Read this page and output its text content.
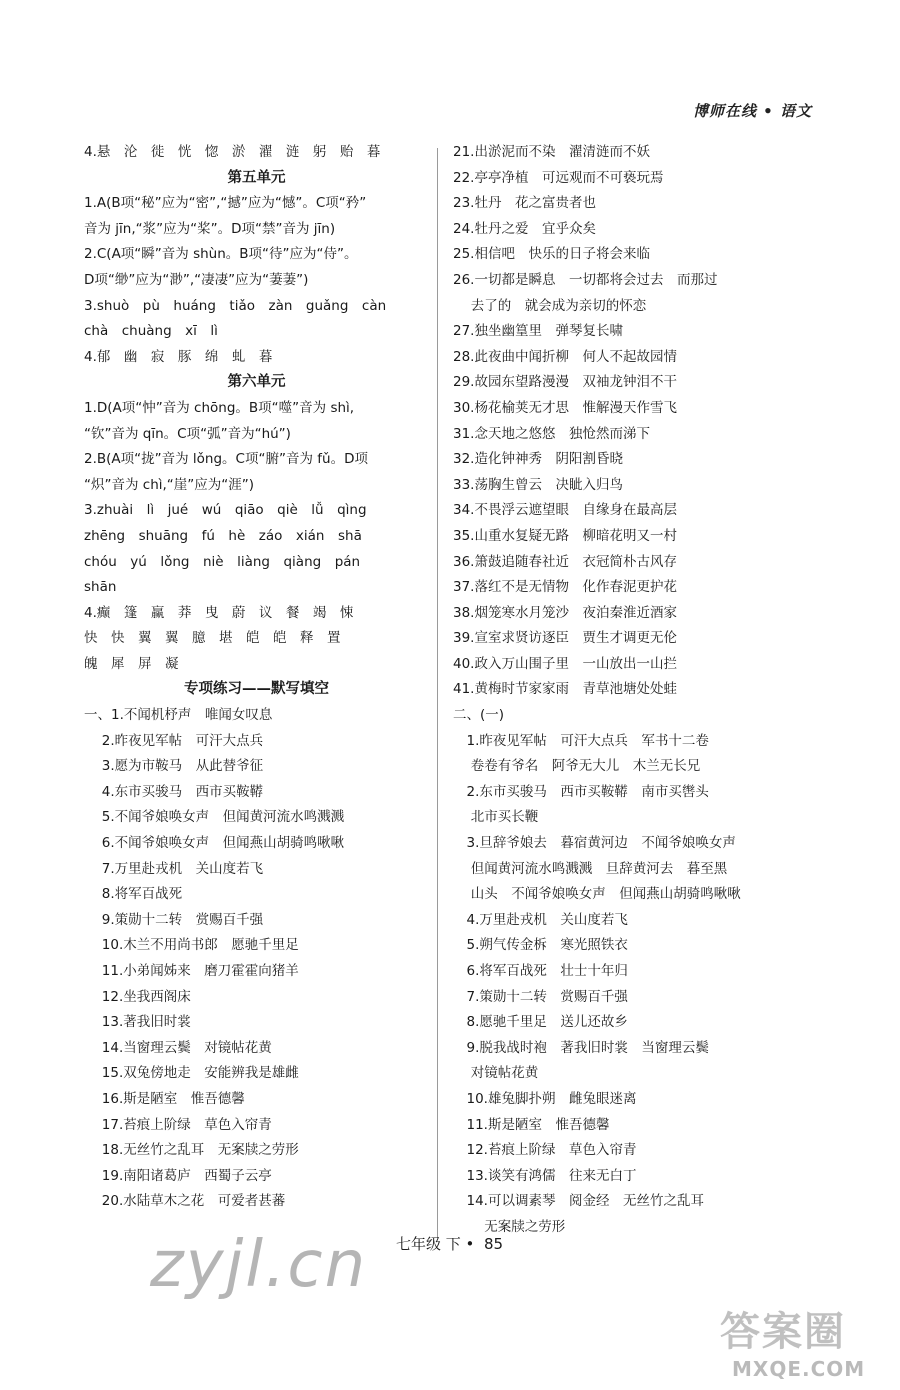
博师在线 • 语文
4.悬　沦　徙　恍　惚　淤　濯　涟　躬　贻　暮
第五单元
1.A(B项“秘”应为“密”,“撼”应为“憾”。C项“矜”
音为 jīn,“浆”应为“桨”。D项“禁”音为 jīn)
2.C(A项“瞬”音为 shùn。B项“待”应为“侍”。
D项“缈”应为“渺”,“凄凄”应为“萋萋”)
3.shuò　pù　huáng　tiǎo　zàn　guǎng　càn
chà　chuàng　xī　lì
4.郁　幽　寂　豚　绵　虬　暮
第六单元
1.D(A项“忡”音为 chōng。B项“噬”音为 shì,
“钦”音为 qīn。C项“弧”音为“hú”)
2.B(A项“拢”音为 lǒng。C项“腑”音为 fǔ。D项
“炽”音为 chì,“崖”应为“涯”)
3.zhuài　lì　jué　wú　qiāo　qiè　lǚ　qìng
zhēng　shuāng　fú　hè　záo　xián　shā
chóu　yú　lǒng　niè　liàng　qiàng　pán
shān
4.癫　篷　赢　莽　曳　蔚　议　餐　竭　悚
快　快　翼　翼　臆　堪　皑　皑　释　置
魄　犀　屏　凝
专项练习——默写填空
一、1.不闻机杼声　唯闻女叹息
　 2.昨夜见军帖　可汗大点兵
　 3.愿为市鞍马　从此替爷征
　 4.东市买骏马　西市买鞍鞯
　 5.不闻爷娘唤女声　但闻黄河流水鸣溅溅
　 6.不闻爷娘唤女声　但闻燕山胡骑鸣啾啾
　 7.万里赴戎机　关山度若飞
　 8.将军百战死
　 9.策勋十二转　赏赐百千强
　 10.木兰不用尚书郎　愿驰千里足
　 11.小弟闻姊来　磨刀霍霍向猪羊
　 12.坐我西阁床
　 13.著我旧时裳
　 14.当窗理云鬓　对镜帖花黄
　 15.双兔傍地走　安能辨我是雄雌
　 16.斯是陋室　惟吾德馨
　 17.苔痕上阶绿　草色入帘青
　 18.无丝竹之乱耳　无案牍之劳形
　 19.南阳诸葛庐　西蜀子云亭
　 20.水陆草木之花　可爱者甚蕃
21.出淤泥而不染　濯清涟而不妖
22.亭亭净植　可远观而不可亵玩焉
23.牡丹　花之富贵者也
24.牡丹之爱　宜乎众矣
25.相信吧　快乐的日子将会来临
26.一切都是瞬息　一切都将会过去　而那过
　 去了的　就会成为亲切的怀恋
27.独坐幽篁里　弹琴复长啸
28.此夜曲中闻折柳　何人不起故园情
29.故园东望路漫漫　双袖龙钟泪不干
30.杨花榆荚无才思　惟解漫天作雪飞
31.念天地之悠悠　独怆然而涕下
32.造化钟神秀　阴阳割昏晓
33.荡胸生曾云　决眦入归鸟
34.不畏浮云遮望眼　自缘身在最高层
35.山重水复疑无路　柳暗花明又一村
36.箫鼓追随春社近　衣冠简朴古风存
37.落红不是无情物　化作春泥更护花
38.烟笼寒水月笼沙　夜泊秦淮近酒家
39.宣室求贤访逐臣　贾生才调更无伦
40.政入万山围子里　一山放出一山拦
41.黄梅时节家家雨　青草池塘处处蛙
二、(一)
　1.昨夜见军帖　可汗大点兵　军书十二卷
　 卷卷有爷名　阿爷无大儿　木兰无长兄
　2.东市买骏马　西市买鞍鞯　南市买辔头
　 北市买长鞭
　3.旦辞爷娘去　暮宿黄河边　不闻爷娘唤女声
　 但闻黄河流水鸣溅溅　旦辞黄河去　暮至黑
　 山头　不闻爷娘唤女声　但闻燕山胡骑鸣啾啾
　4.万里赴戎机　关山度若飞
　5.朔气传金柝　寒光照铁衣
　6.将军百战死　壮士十年归
　7.策勋十二转　赏赐百千强
　8.愿驰千里足　送儿还故乡
　9.脱我战时袍　著我旧时裳　当窗理云鬓
　 对镜帖花黄
　10.雄兔脚扑朔　雌兔眼迷离
　11.斯是陋室　惟吾德馨
　12.苔痕上阶绿　草色入帘青
　13.谈笑有鸿儒　往来无白丁
　14.可以调素琴　阅金经　无丝竹之乱耳
　　 无案牍之劳形
七年级 下 • 85
zyjl.cn
答案圈
MXQE.COM
